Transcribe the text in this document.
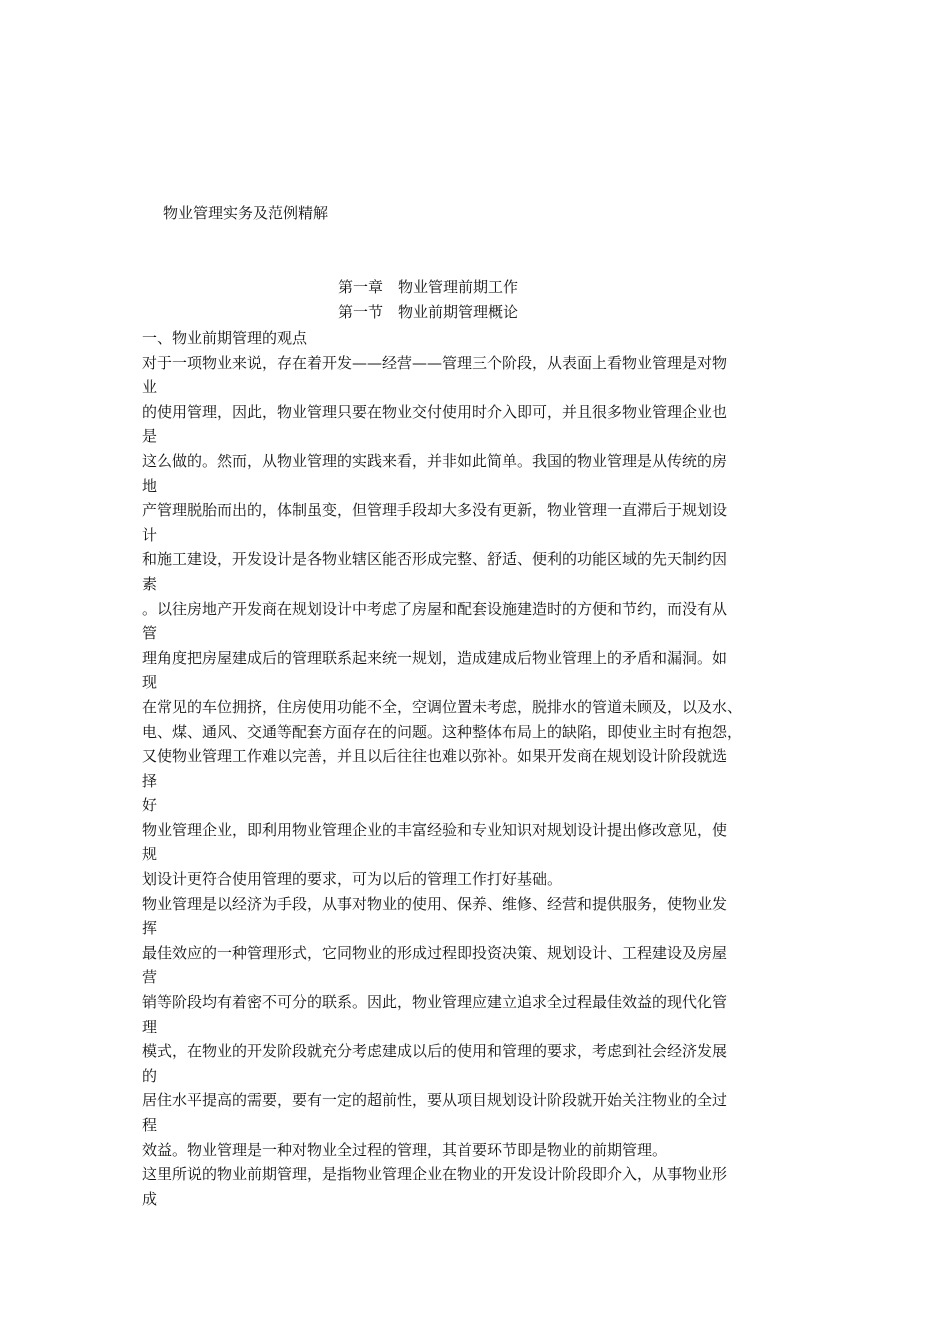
物业管理实务及范例精解
第一章　物业管理前期工作
第一节　物业前期管理概论
一、物业前期管理的观点
对于一项物业来说，存在着开发——经营——管理三个阶段，从表面上看物业管理是对物
业
的使用管理，因此，物业管理只要在物业交付使用时介入即可，并且很多物业管理企业也
是
这么做的。然而，从物业管理的实践来看，并非如此简单。我国的物业管理是从传统的房
地
产管理脱胎而出的，体制虽变，但管理手段却大多没有更新，物业管理一直滞后于规划设
计
和施工建设，开发设计是各物业辖区能否形成完整、舒适、便利的功能区域的先天制约因
素
。以往房地产开发商在规划设计中考虑了房屋和配套设施建造时的方便和节约，而没有从
管
理角度把房屋建成后的管理联系起来统一规划，造成建成后物业管理上的矛盾和漏洞。如
现
在常见的车位拥挤，住房使用功能不全，空调位置未考虑，脱排水的管道未顾及，以及水、
电、煤、通风、交通等配套方面存在的问题。这种整体布局上的缺陷，即使业主时有抱怨，
又使物业管理工作难以完善，并且以后往往也难以弥补。如果开发商在规划设计阶段就选
择
好
物业管理企业，即利用物业管理企业的丰富经验和专业知识对规划设计提出修改意见，使
规
划设计更符合使用管理的要求，可为以后的管理工作打好基础。
物业管理是以经济为手段，从事对物业的使用、保养、维修、经营和提供服务，使物业发
挥
最佳效应的一种管理形式，它同物业的形成过程即投资决策、规划设计、工程建设及房屋
营
销等阶段均有着密不可分的联系。因此，物业管理应建立追求全过程最佳效益的现代化管
理
模式，在物业的开发阶段就充分考虑建成以后的使用和管理的要求，考虑到社会经济发展
的
居住水平提高的需要，要有一定的超前性，要从项目规划设计阶段就开始关注物业的全过
程
效益。物业管理是一种对物业全过程的管理，其首要环节即是物业的前期管理。
这里所说的物业前期管理，是指物业管理企业在物业的开发设计阶段即介入，从事物业形
成
